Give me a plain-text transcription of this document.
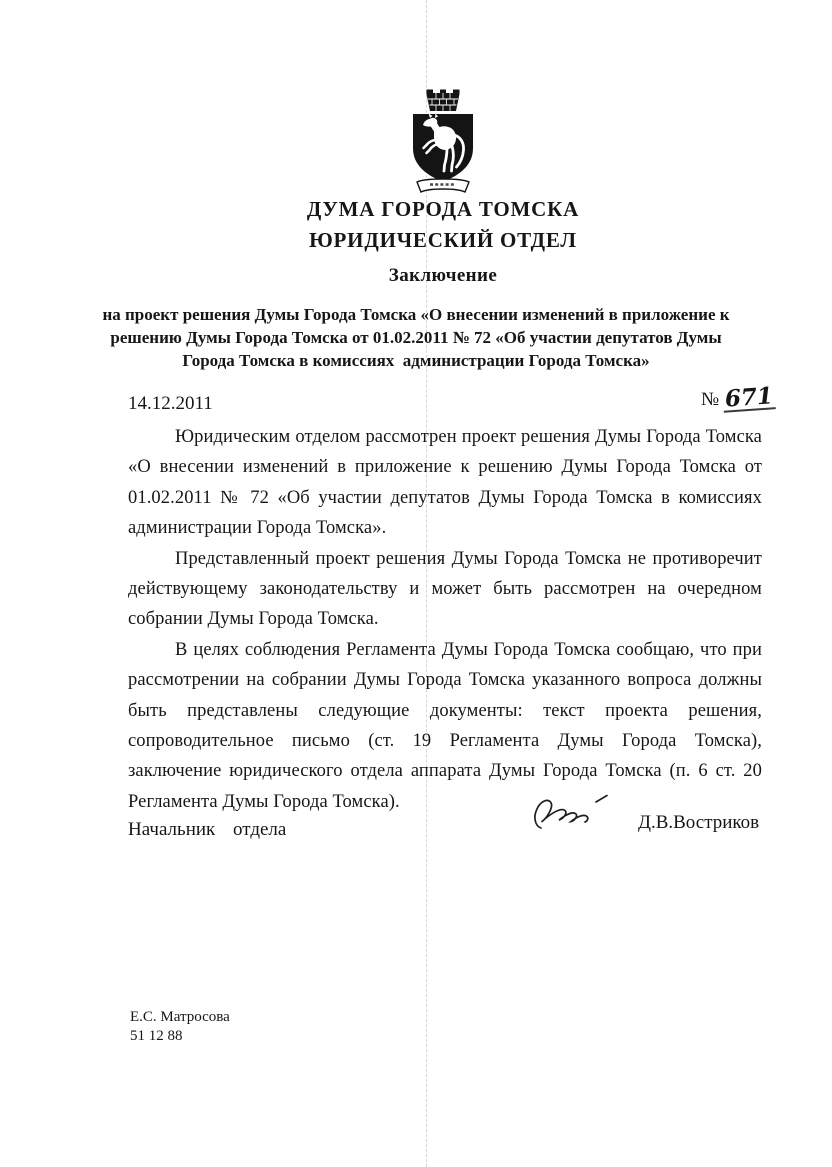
ДУМА ГОРОДА ТОМСКА
ЮРИДИЧЕСКИЙ ОТДЕЛ
Заключение
на проект решения Думы Города Томска «О внесении изменений в приложение к
решению Думы Города Томска от 01.02.2011 № 72 «Об участии депутатов Думы
Города Томска в комиссиях  администрации Города Томска»
14.12.2011	№ 671

Юридическим отделом рассмотрен проект решения Думы Города Томска «О внесении изменений в приложение к решению Думы Города Томска от 01.02.2011 № 72 «Об участии депутатов Думы Города Томска в комиссиях администрации Города Томска».

Представленный проект решения Думы Города Томска не противоречит действующему законодательству и может быть рассмотрен на очередном собрании Думы Города Томска.

В целях соблюдения Регламента Думы Города Томска сообщаю, что при рассмотрении на собрании Думы Города Томска указанного вопроса должны быть представлены следующие документы: текст проекта решения, сопроводительное письмо (ст. 19 Регламента Думы Города Томска), заключение юридического отдела аппарата Думы Города Томска (п. 6 ст. 20 Регламента Думы Города Томска).

Начальник отдела	Д.В.Востриков
Е.С. Матросова
51 12 88
